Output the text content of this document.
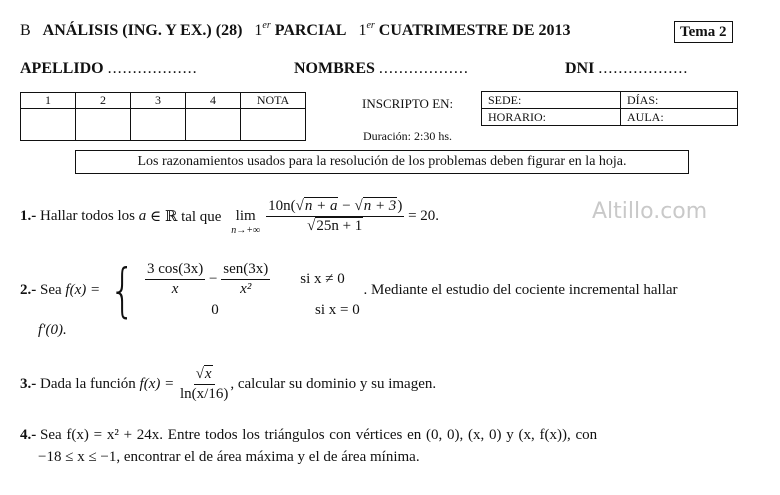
B ANÁLISIS (ING. Y EX.) (28) 1er PARCIAL 1er CUATRIMESTRE DE 2013	Tema 2
APELLIDO ..................	NOMBRES ..................	DNI ..................
1	2	3	4	NOTA
					INSCRIPTO EN:	SEDE:	DÍAS:
HORARIO:	AULA:
Duración: 2:30 hs.
Los razonamientos usados para la resolución de los problemas deben figurar en la hoja.
Altillo.com
1.-
Hallar todos los
a
∈ ℝ tal que
lim
$n\to+\infty \frac{10n(√n + a - √n + 3)}{√25n + 1}$
= 20.
2.-
Sea
f(x) = { $\frac{3 \cos(3x)}{x}$
−
$\frac{\text{sen(3x)}}{\text{x²}}$ si x ≠ 0
0	si x = 0

. Mediante el estudio del cociente incremental hallar
f′(0).
3.-
Dada la función
f(x) =
$\frac{√x}{\ln(x/16)}$ , calcular su dominio y su imagen.
4.- Sea f(x) = x² + 24x. Entre todos los triángulos con vértices en (0, 0), (x, 0) y (x, f(x)), con
−18 ≤ x ≤ −1, encontrar el de área máxima y el de área mínima.
